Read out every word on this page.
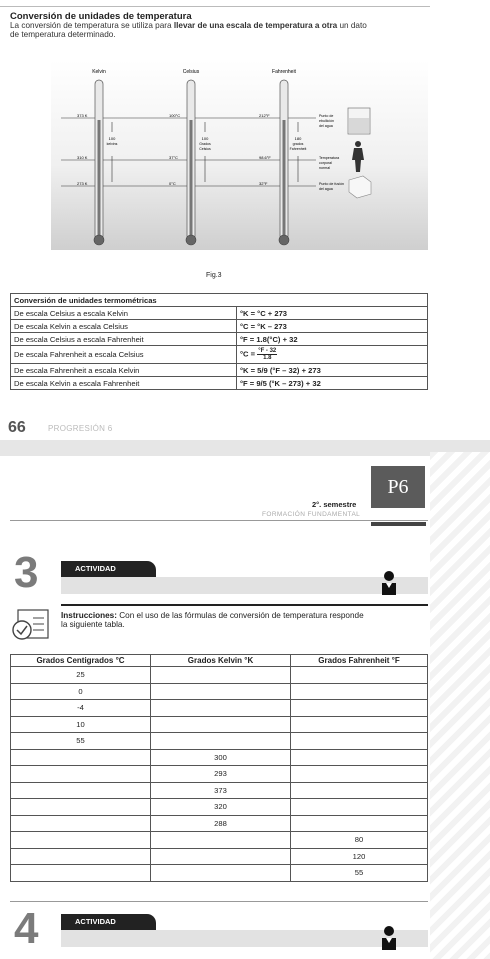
Conversión de unidades de temperatura
La conversión de temperatura se utiliza para llevar de una escala de temperatura a otra un dato
de temperatura determinado.
Kelvin	Celsius	Fahrenheit
373 K
310 K
273 K
100°C
37°C
0°C
212°F
98.6°F
32°F
100
kelvins
100
Grados
Celsius
180
grados
Fahrenheit
Punto de
ebullición
del agua
Temperatura
corporal
normal
Punto de fusión
del agua
Fig.3
Conversión de unidades termométricas	
De escala Celsius a escala Kelvin	°K = °C + 273
De escala Kelvin a escala Celsius	°C = °K – 273
De escala Celsius a escala Fahrenheit	°F = 1.8(°C) + 32
De escala Fahrenheit a escala Celsius	$^\circ C = \frac{^\circ F - 32}{1.8}$
De escala Fahrenheit a escala Kelvin	°K = 5/9 (°F – 32) + 273
De escala Kelvin a escala Fahrenheit	°F = 9/5 (°K – 273) + 32
66	PROGRESIÓN 6
2°. semestre
FORMACIÓN FUNDAMENTAL
P6
3	ACTIVIDAD
Instrucciones: Con el uso de las fórmulas de conversión de temperatura responde
la siguiente tabla.
Grados Centigrados °C	Grados Kelvin °K	Grados Fahrenheit °F
25		
0		
-4		
10		
55		
	300	
	293	
	373	
	320	
	288	
		80
		120
		55
4	ACTIVIDAD
